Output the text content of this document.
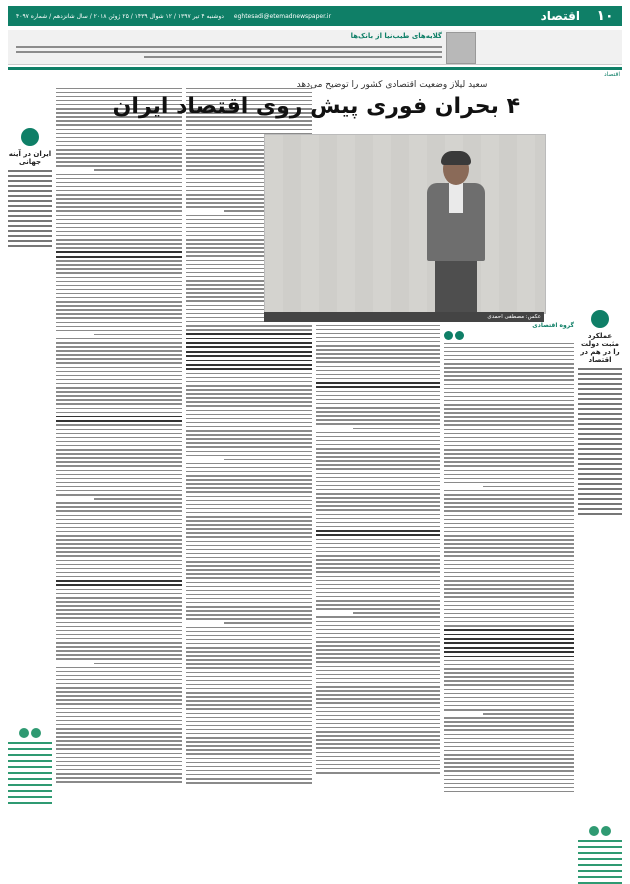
۱۰
اقتصاد
eghtesadi@etemadnewspaper.ir
دوشنبه ۴ تیر ۱۳۹۷ / ۱۲ شوال ۱۴۳۹ / ۲۵ ژوئن ۲۰۱۸ / سال شانزدهم / شماره ۴۰۹۷
گلایه‌های طیب‌نیا از بانک‌ها
اقتصاد
ایران در آینه جهانی
سعید لیلاز وضعیت اقتصادی کشور را توضیح می‌دهد
۴ بحران فوری پیش روی اقتصاد ایران
عکس: مصطفی احمدی
گروه اقتصادی
عملکرد مثبت دولت را در هم در اقتصاد
